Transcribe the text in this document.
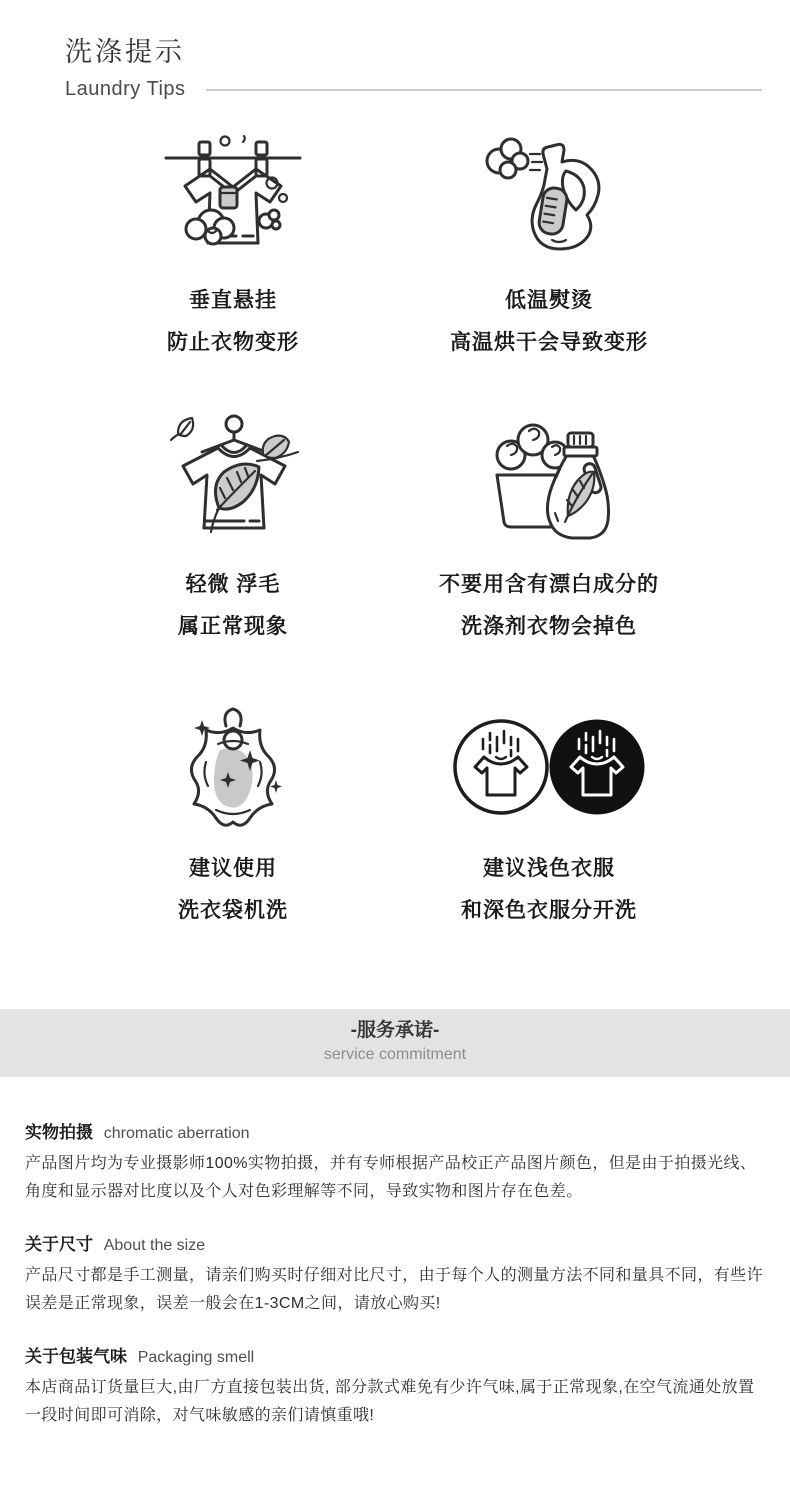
洗涤提示
Laundry Tips
垂直悬挂
防止衣物变形
低温熨烫
高温烘干会导致变形
轻微 浮毛
属正常现象
不要用含有漂白成分的
洗涤剂衣物会掉色
建议使用
洗衣袋机洗
建议浅色衣服
和深色衣服分开洗
-服务承诺-
service commitment
实物拍摄 chromatic aberration
产品图片均为专业摄影师100%实物拍摄，并有专师根据产品校正产品图片颜色，但是由于拍摄光线、角度和显示器对比度以及个人对色彩理解等不同，导致实物和图片存在色差。
关于尺寸 About the size
产品尺寸都是手工测量，请亲们购买时仔细对比尺寸，由于每个人的测量方法不同和量具不同，有些许误差是正常现象，误差一般会在1-3CM之间，请放心购买!
关于包装气味 Packaging smell
本店商品订货量巨大,由厂方直接包装出货, 部分款式难免有少许气味,属于正常现象,在空气流通处放置一段时间即可消除，对气味敏感的亲们请慎重哦!
